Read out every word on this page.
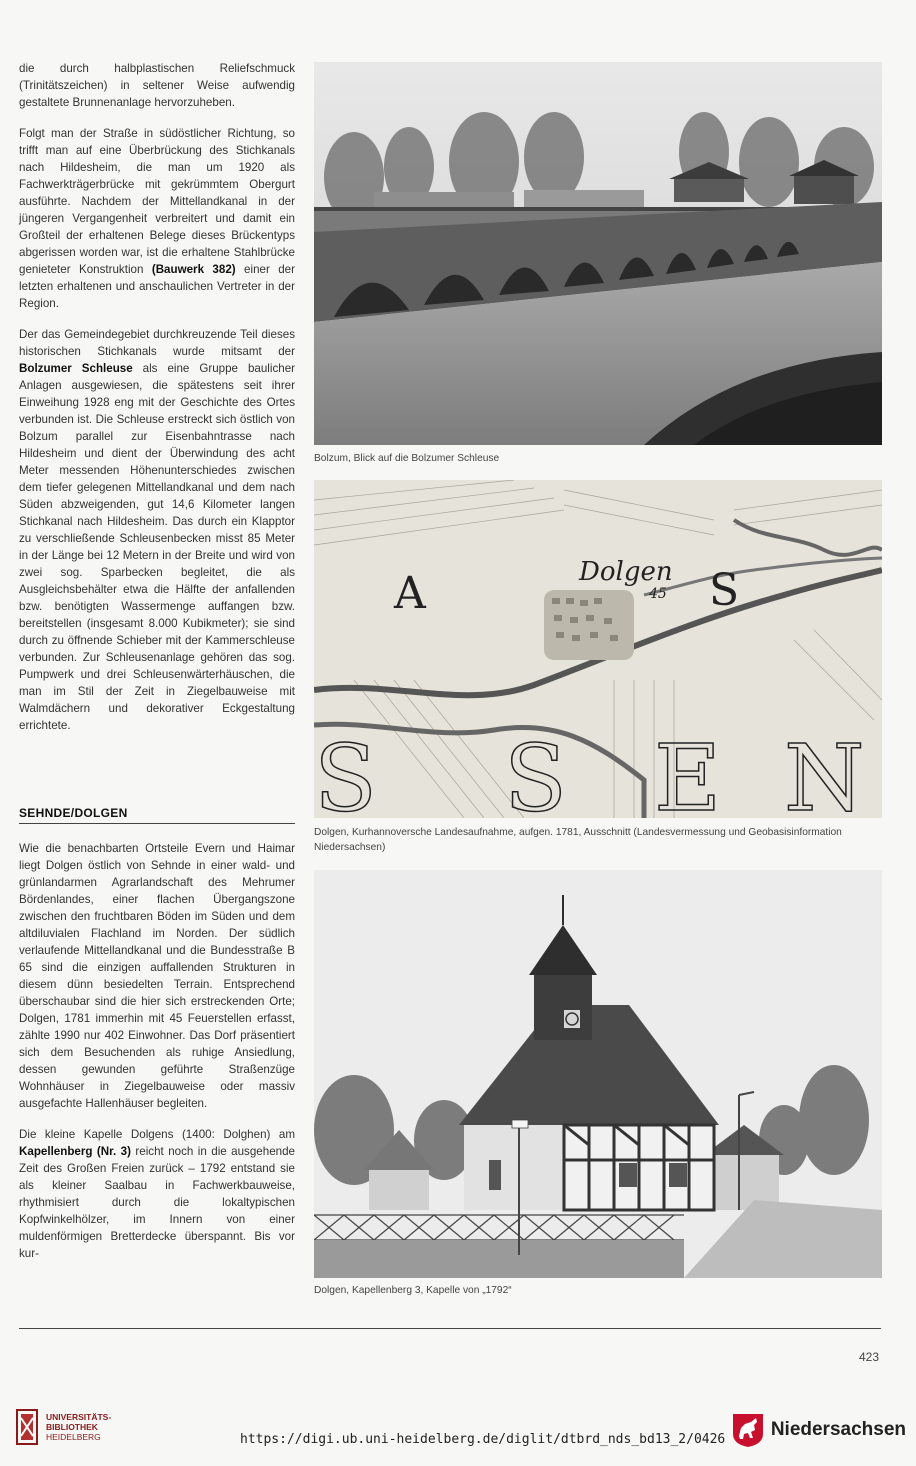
die durch halbplastischen Reliefschmuck (Trinitätszeichen) in seltener Weise aufwendig gestaltete Brunnenanlage hervorzuheben.

Folgt man der Straße in südöstlicher Richtung, so trifft man auf eine Überbrückung des Stichkanals nach Hildesheim, die man um 1920 als Fachwerkträgerbrücke mit gekrümmtem Obergurt ausführte. Nachdem der Mittellandkanal in der jüngeren Vergangenheit verbreitert und damit ein Großteil der erhaltenen Belege dieses Brückentyps abgerissen worden war, ist die erhaltene Stahlbrücke genieteter Konstruktion (Bauwerk 382) einer der letzten erhaltenen und anschaulichen Vertreter in der Region.

Der das Gemeindegebiet durchkreuzende Teil dieses historischen Stichkanals wurde mitsamt der Bolzumer Schleuse als eine Gruppe baulicher Anlagen ausgewiesen, die spätestens seit ihrer Einweihung 1928 eng mit der Geschichte des Ortes verbunden ist. Die Schleuse erstreckt sich östlich von Bolzum parallel zur Eisenbahntrasse nach Hildesheim und dient der Überwindung des acht Meter messenden Höhenunterschiedes zwischen dem tiefer gelegenen Mittellandkanal und dem nach Süden abzweigenden, gut 14,6 Kilometer langen Stichkanal nach Hildesheim. Das durch ein Klapptor zu verschließende Schleusenbecken misst 85 Meter in der Länge bei 12 Metern in der Breite und wird von zwei sog. Sparbecken begleitet, die als Ausgleichsbehälter etwa die Hälfte der anfallenden bzw. benötigten Wassermenge auffangen bzw. bereitstellen (insgesamt 8.000 Kubikmeter); sie sind durch zu öffnende Schieber mit der Kammerschleuse verbunden. Zur Schleusenanlage gehören das sog. Pumpwerk und drei Schleusenwärterhäuschen, die man im Stil der Zeit in Ziegelbauweise mit Walmdächern und dekorativer Eckgestaltung errichtete.

SEHNDE/DOLGEN

Wie die benachbarten Ortsteile Evern und Haimar liegt Dolgen östlich von Sehnde in einer wald- und grünlandarmen Agrarlandschaft des Mehrumer Bördenlandes, einer flachen Übergangszone zwischen den fruchtbaren Böden im Süden und dem altdiluvialen Flachland im Norden. Der südlich verlaufende Mittellandkanal und die Bundesstraße B 65 sind die einzigen auffallenden Strukturen in diesem dünn besiedelten Terrain. Entsprechend überschaubar sind die hier sich erstreckenden Orte; Dolgen, 1781 immerhin mit 45 Feuerstellen erfasst, zählte 1990 nur 402 Einwohner. Das Dorf präsentiert sich dem Besuchenden als ruhige Ansiedlung, dessen gewunden geführte Straßenzüge Wohnhäuser in Ziegelbauweise oder massiv ausgefachte Hallenhäuser begleiten.

Die kleine Kapelle Dolgens (1400: Dolghen) am Kapellenberg (Nr. 3) reicht noch in die ausgehende Zeit des Großen Freien zurück – 1792 entstand sie als kleiner Saalbau in Fachwerkbauweise, rhythmisiert durch die lokaltypischen Kopfwinkelhölzer, im Innern von einer muldenförmigen Bretterdecke überspannt. Bis vor kur-

Bolzum, Blick auf die Bolzumer Schleuse

Dolgen
45
A	S
S S E N

Dolgen, Kurhannoversche Landesaufnahme, aufgen. 1781, Ausschnitt (Landesvermessung und Geobasisinformation Niedersachsen)

Dolgen, Kapellenberg 3, Kapelle von „1792“

423
UNIVERSITÄTS-
BIBLIOTHEK
HEIDELBERG	https://digi.ub.uni-heidelberg.de/diglit/dtbrd_nds_bd13_2/0426 Niedersachsen
